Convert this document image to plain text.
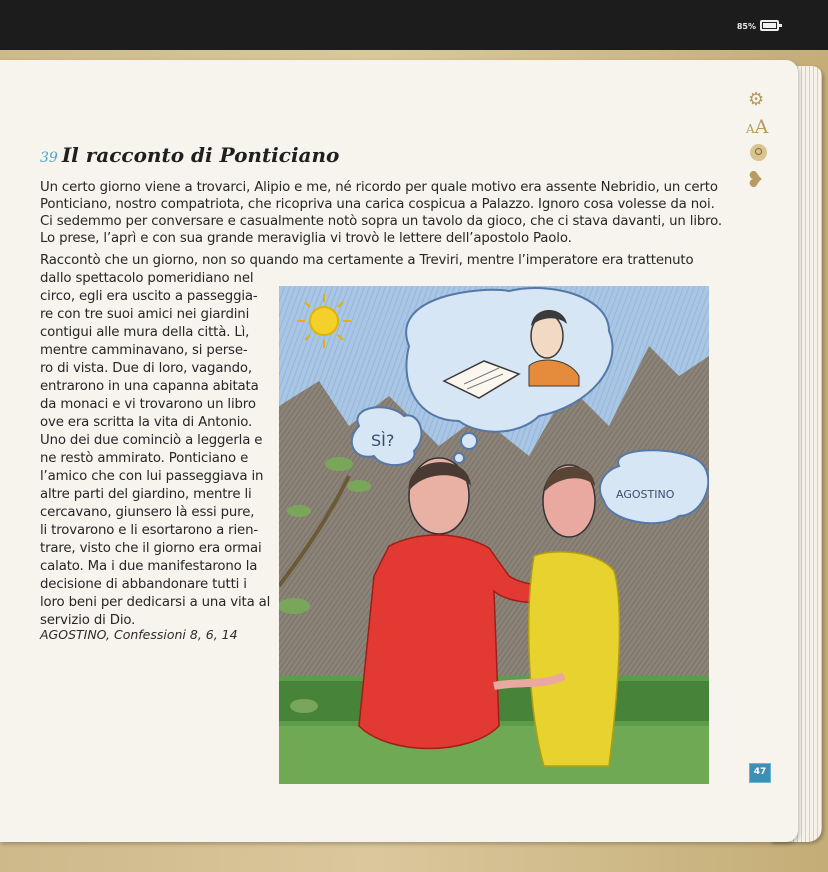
85%
⚙
AA
❥

39 Il racconto di Ponticiano
Un certo giorno viene a trovarci, Alipio e me, né ricordo per quale motivo era assente Nebridio, un certo
Ponticiano, nostro compatriota, che ricopriva una carica cospicua a Palazzo. Ignoro cosa volesse da noi.
Ci sedemmo per conversare e casualmente notò sopra un tavolo da gioco, che ci stava davanti, un libro.
Lo prese, l’aprì e con sua grande meraviglia vi trovò le lettere dell’apostolo Paolo.
Raccontò che un giorno, non so quando ma certamente a Treviri, mentre l’imperatore era trattenuto
dallo spettacolo pomeridiano nel
circo, egli era uscito a passeggia-
re con tre suoi amici nei giardini
contigui alle mura della città. Lì,
mentre camminavano, si perse-
ro di vista. Due di loro, vagando,
entrarono in una capanna abitata
da monaci e vi trovarono un libro
ove era scritta la vita di Antonio.
Uno dei due cominciò a leggerla e
ne restò ammirato. Ponticiano e
l’amico che con lui passeggiava in
altre parti del giardino, mentre li
cercavano, giunsero là essi pure,
li trovarono e li esortarono a rien-
trare, visto che il giorno era ormai
calato. Ma i due manifestarono la
decisione di abbandonare tutti i
loro beni per dedicarsi a una vita al
servizio di Dio.
AGOSTINO, Confessioni 8, 6, 14
SÌ?
AGOSTINO
47
